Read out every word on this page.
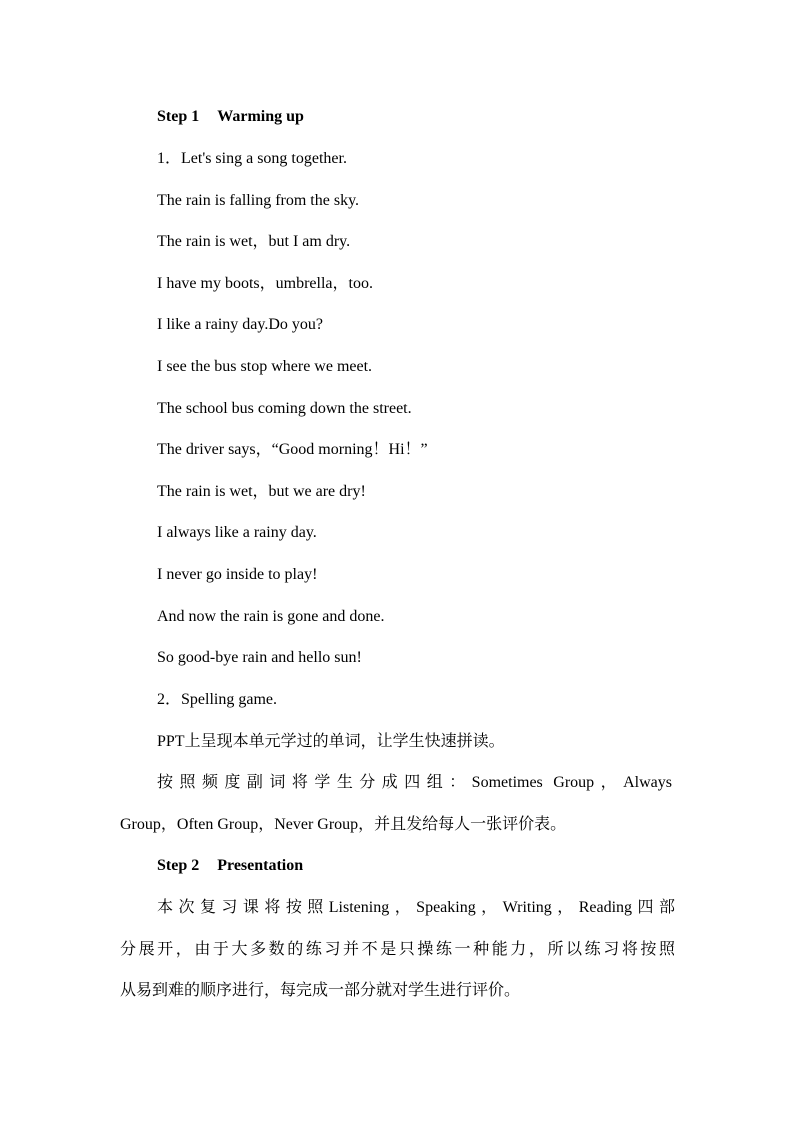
Step 1 Warming up
1．Let's sing a song together.
The rain is falling from the sky.
The rain is wet，but I am dry.
I have my boots，umbrella，too.
I like a rainy day.Do you?
I see the bus stop where we meet.
The school bus coming down the street.
The driver says，“Good morning！Hi！”
The rain is wet，but we are dry!
I always like a rainy day.
I never go inside to play!
And now the rain is gone and done.
So good-bye rain and hello sun!
2．Spelling game.
PPT上呈现本单元学过的单词，让学生快速拼读。
按照频度副词将学生分成四组：Sometimes Group，Always
Group，Often Group，Never Group，并且发给每人一张评价表。
Step 2 Presentation
本次复习课将按照Listening，Speaking，Writing，Reading四部
分展开，由于大多数的练习并不是只操练一种能力，所以练习将按照
从易到难的顺序进行，每完成一部分就对学生进行评价。
